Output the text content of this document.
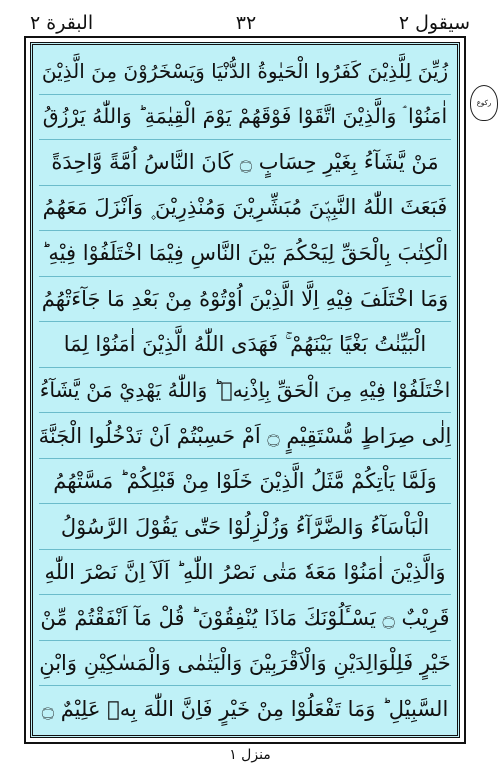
سيقول ٢
٣٢
البقرة ٢
زُيِّنَ لِلَّذِيْنَ كَفَرُوا الْحَيٰوةُ الدُّنْيَا وَيَسْخَرُوْنَ مِنَ الَّذِيْنَ
اٰمَنُوْا ۘ وَالَّذِيْنَ اتَّقَوْا فَوْقَهُمْ يَوْمَ الْقِيٰمَةِ ؕ وَاللّٰهُ يَرْزُقُ
مَنْ يَّشَآءُ بِغَيْرِ حِسَابٍ ۝ كَانَ النَّاسُ اُمَّةً وَّاحِدَةً
فَبَعَثَ اللّٰهُ النَّبِيّٖنَ مُبَشِّرِيْنَ وَمُنْذِرِيْنَ ۪ وَاَنْزَلَ مَعَهُمُ
الْكِتٰبَ بِالْحَقِّ لِيَحْكُمَ بَيْنَ النَّاسِ فِيْمَا اخْتَلَفُوْا فِيْهِ ؕ
وَمَا اخْتَلَفَ فِيْهِ اِلَّا الَّذِيْنَ اُوْتُوْهُ مِنْ بَعْدِ مَا جَآءَتْهُمُ
الْبَيِّنٰتُ بَغْيًا بَيْنَهُمْ ۚ فَهَدَى اللّٰهُ الَّذِيْنَ اٰمَنُوْا لِمَا
اخْتَلَفُوْا فِيْهِ مِنَ الْحَقِّ بِاِذْنِهٖ ؕ وَاللّٰهُ يَهْدِيْ مَنْ يَّشَآءُ
اِلٰى صِرَاطٍ مُّسْتَقِيْمٍ ۝ اَمْ حَسِبْتُمْ اَنْ تَدْخُلُوا الْجَنَّةَ
وَلَمَّا يَاْتِكُمْ مَّثَلُ الَّذِيْنَ خَلَوْا مِنْ قَبْلِكُمْ ؕ مَسَّتْهُمُ
الْبَاْسَآءُ وَالضَّرَّآءُ وَزُلْزِلُوْا حَتّٰى يَقُوْلَ الرَّسُوْلُ
وَالَّذِيْنَ اٰمَنُوْا مَعَهٗ مَتٰى نَصْرُ اللّٰهِ ؕ اَلَآ اِنَّ نَصْرَ اللّٰهِ
قَرِيْبٌ ۝ يَسْـَٔلُوْنَكَ مَاذَا يُنْفِقُوْنَ ؕ قُلْ مَآ اَنْفَقْتُمْ مِّنْ
خَيْرٍ فَلِلْوَالِدَيْنِ وَالْاَقْرَبِيْنَ وَالْيَتٰمٰى وَالْمَسٰكِيْنِ وَابْنِ
السَّبِيْلِ ؕ وَمَا تَفْعَلُوْا مِنْ خَيْرٍ فَاِنَّ اللّٰهَ بِهٖ عَلِيْمٌ ۝
ركوع
منزل ١
